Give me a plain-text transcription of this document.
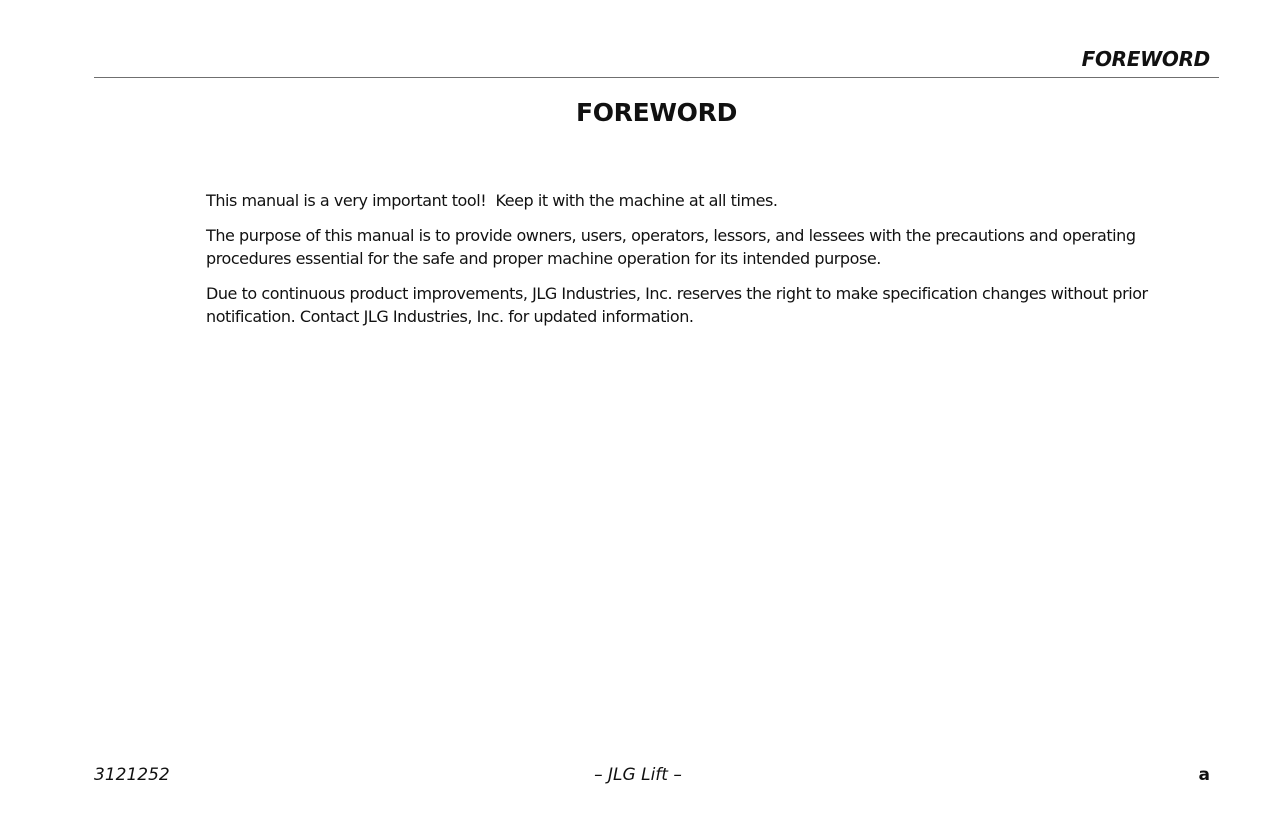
FOREWORD
FOREWORD

This manual is a very important tool!  Keep it with the machine at all times.

The purpose of this manual is to provide owners, users, operators, lessors, and lessees with the precautions and operating procedures essential for the safe and proper machine operation for its intended purpose.

Due to continuous product improvements, JLG Industries, Inc. reserves the right to make specification changes without prior notification. Contact JLG Industries, Inc. for updated information.

3121252	– JLG Lift –	a
